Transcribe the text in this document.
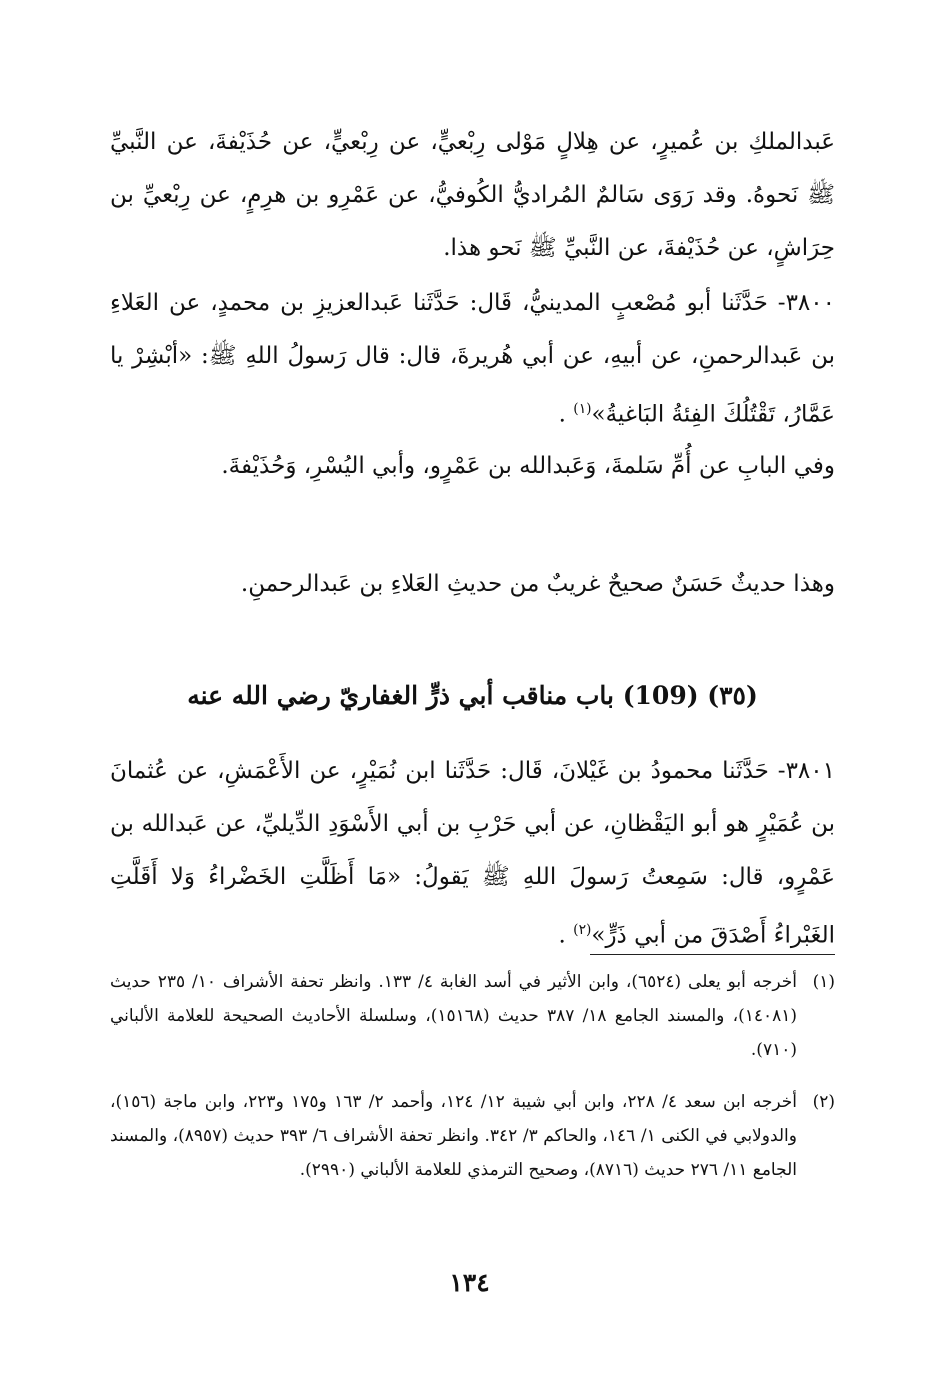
عَبدالملكِ بن عُميرٍ، عن هِلالٍ مَوْلى رِبْعيٍّ، عن رِبْعيٍّ، عن حُذَيْفةَ، عن النَّبيِّ ﷺ نَحوهُ. وقد رَوَى سَالمٌ المُراديُّ الكُوفيُّ، عن عَمْرِو بن هرِمٍ، عن رِبْعيِّ بن حِرَاشٍ، عن حُذَيْفةَ، عن النَّبيِّ ﷺ نَحو هذا.
٣٨٠٠- حَدَّثَنا أبو مُصْعبٍ المدينيُّ، قَال: حَدَّثَنا عَبدالعزيزِ بن محمدٍ، عن العَلاءِ بن عَبدالرحمنِ، عن أبيهِ، عن أبي هُريرةَ، قال: قال رَسولُ اللهِ ﷺ: «أبْشِرْ يا عَمَّارُ، تَقْتُلُكَ الفِئةُ البَاغيةُ»$^{(١)}$ .
وفي البابِ عن أُمِّ سَلمةَ، وَعَبدالله بن عَمْرٍو، وأبي اليُسْرِ، وَحُذَيْفةَ.
وهذا حديثٌ حَسَنٌ صحيحٌ غريبٌ من حديثِ العَلاءِ بن عَبدالرحمنِ.
(٣٥) (109) باب مناقب أبي ذرٍّ الغفاريّ رضي الله عنه
٣٨٠١- حَدَّثَنا محمودُ بن غَيْلانَ، قَال: حَدَّثَنا ابن نُمَيْرٍ، عن الأَعْمَشِ، عن عُثمانَ بن عُمَيْرٍ هو أبو اليَقْظانِ، عن أبي حَرْبِ بن أبي الأَسْوَدِ الدِّيليِّ، عن عَبدالله بن عَمْرٍو، قال: سَمِعتُ رَسولَ اللهِ ﷺ يَقولُ: «مَا أَظَلَّتِ الخَضْراءُ وَلا أَقَلَّتِ الغَبْراءُ أَصْدَقَ من أبي ذَرٍّ»$^{(٢)}$ .
(١)
أخرجه أبو يعلى (٦٥٢٤)، وابن الأثير في أسد الغابة ٤/ ١٣٣. وانظر تحفة الأشراف ١٠/ ٢٣٥ حديث (١٤٠٨١)، والمسند الجامع ١٨/ ٣٨٧ حديث (١٥١٦٨)، وسلسلة الأحاديث الصحيحة للعلامة الألباني (٧١٠).
(٢)
أخرجه ابن سعد ٤/ ٢٢٨، وابن أبي شيبة ١٢/ ١٢٤، وأحمد ٢/ ١٦٣ و١٧٥ و٢٢٣، وابن ماجة (١٥٦)، والدولابي في الكنى ١/ ١٤٦، والحاكم ٣/ ٣٤٢. وانظر تحفة الأشراف ٦/ ٣٩٣ حديث (٨٩٥٧)، والمسند الجامع ١١/ ٢٧٦ حديث (٨٧١٦)، وصحيح الترمذي للعلامة الألباني (٢٩٩٠).
١٣٤
